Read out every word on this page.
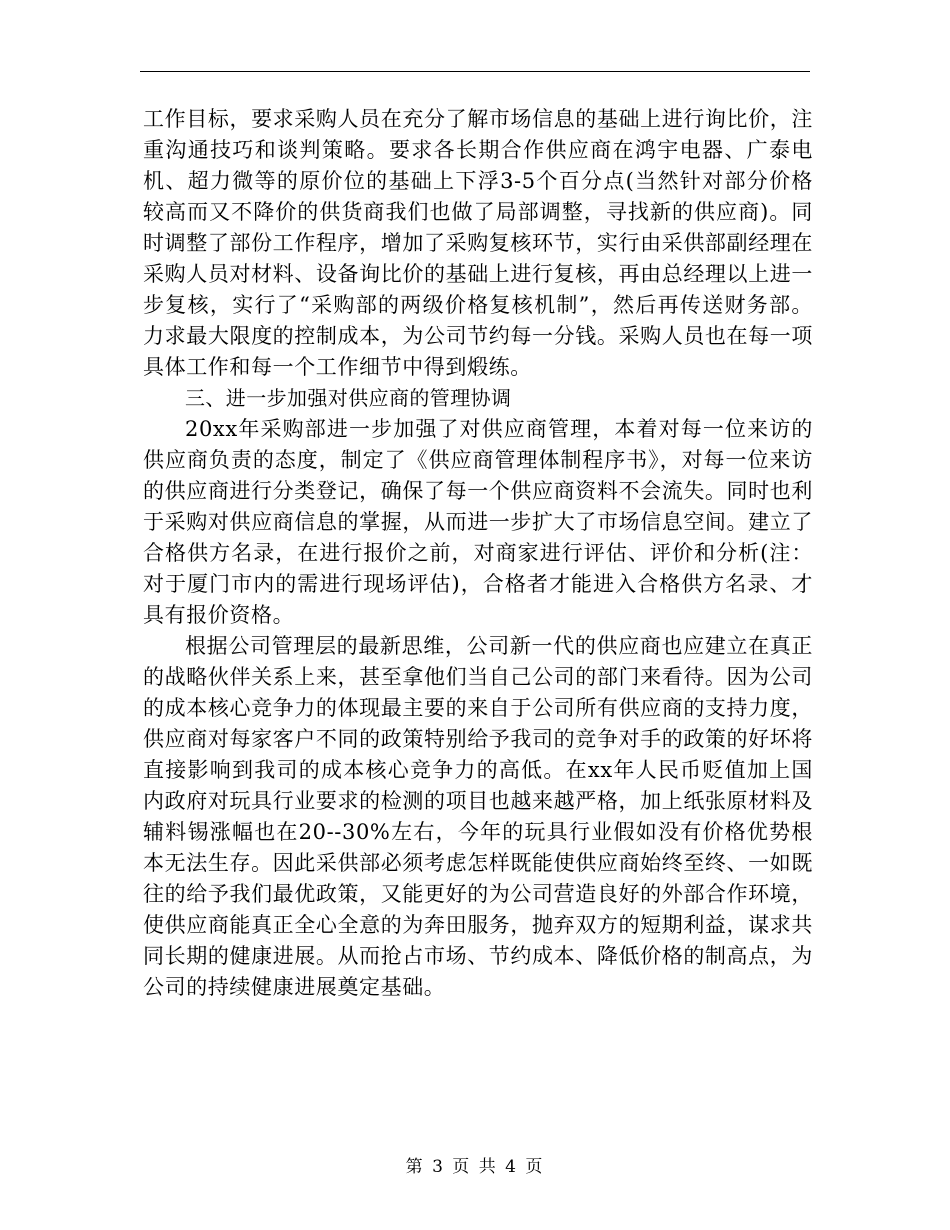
工作目标，要求采购人员在充分了解市场信息的基础上进行询比价，注重沟通技巧和谈判策略。要求各长期合作供应商在鸿宇电器、广泰电机、超力微等的原价位的基础上下浮3-5个百分点(当然针对部分价格较高而又不降价的供货商我们也做了局部调整，寻找新的供应商)。同时调整了部份工作程序，增加了采购复核环节，实行由采供部副经理在采购人员对材料、设备询比价的基础上进行复核，再由总经理以上进一步复核，实行了“采购部的两级价格复核机制”，然后再传送财务部。力求最大限度的控制成本，为公司节约每一分钱。采购人员也在每一项具体工作和每一个工作细节中得到煅练。

三、进一步加强对供应商的管理协调

20xx年采购部进一步加强了对供应商管理，本着对每一位来访的供应商负责的态度，制定了《供应商管理体制程序书》，对每一位来访的供应商进行分类登记，确保了每一个供应商资料不会流失。同时也利于采购对供应商信息的掌握，从而进一步扩大了市场信息空间。建立了合格供方名录，在进行报价之前，对商家进行评估、评价和分析(注：对于厦门市内的需进行现场评估)，合格者才能进入合格供方名录、才具有报价资格。

根据公司管理层的最新思维，公司新一代的供应商也应建立在真正的战略伙伴关系上来，甚至拿他们当自己公司的部门来看待。因为公司的成本核心竞争力的体现最主要的来自于公司所有供应商的支持力度，供应商对每家客户不同的政策特别给予我司的竞争对手的政策的好坏将直接影响到我司的成本核心竞争力的高低。在xx年人民币贬值加上国内政府对玩具行业要求的检测的项目也越来越严格，加上纸张原材料及辅料锡涨幅也在20--30%左右，今年的玩具行业假如没有价格优势根本无法生存。因此采供部必须考虑怎样既能使供应商始终至终、一如既往的给予我们最优政策，又能更好的为公司营造良好的外部合作环境，使供应商能真正全心全意的为奔田服务，抛弃双方的短期利益，谋求共同长期的健康进展。从而抢占市场、节约成本、降低价格的制高点，为公司的持续健康进展奠定基础。

第 3 页 共 4 页
